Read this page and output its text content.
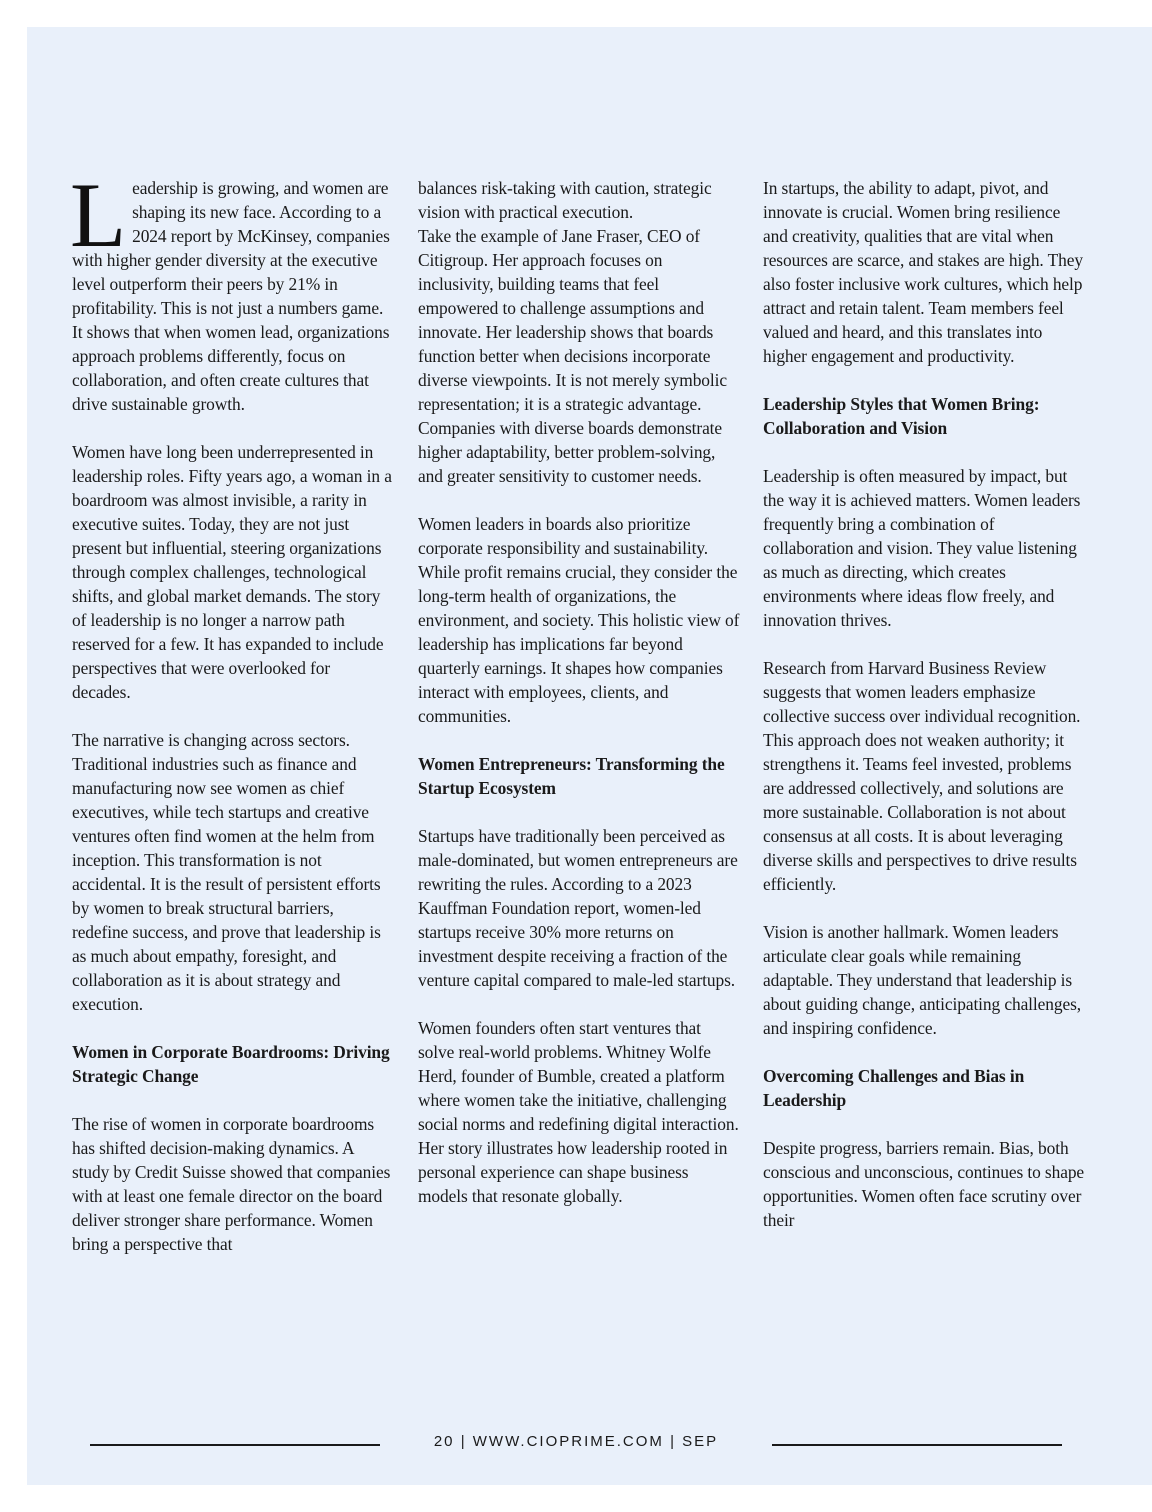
Leadership is growing, and women are shaping its new face. According to a 2024 report by McKinsey, companies with higher gender diversity at the executive level outperform their peers by 21% in profitability. This is not just a numbers game. It shows that when women lead, organizations approach problems differently, focus on collaboration, and often create cultures that drive sustainable growth.

Women have long been underrepresented in leadership roles. Fifty years ago, a woman in a boardroom was almost invisible, a rarity in executive suites. Today, they are not just present but influential, steering organizations through complex challenges, technological shifts, and global market demands. The story of leadership is no longer a narrow path reserved for a few. It has expanded to include perspectives that were overlooked for decades.

The narrative is changing across sectors. Traditional industries such as finance and manufacturing now see women as chief executives, while tech startups and creative ventures often find women at the helm from inception. This transformation is not accidental. It is the result of persistent efforts by women to break structural barriers, redefine success, and prove that leadership is as much about empathy, foresight, and collaboration as it is about strategy and execution.

Women in Corporate Boardrooms: Driving Strategic Change

The rise of women in corporate boardrooms has shifted decision-making dynamics. A study by Credit Suisse showed that companies with at least one female director on the board deliver stronger share performance. Women bring a perspective that

balances risk-taking with caution, strategic vision with practical execution.

Take the example of Jane Fraser, CEO of Citigroup. Her approach focuses on inclusivity, building teams that feel empowered to challenge assumptions and innovate. Her leadership shows that boards function better when decisions incorporate diverse viewpoints. It is not merely symbolic representation; it is a strategic advantage. Companies with diverse boards demonstrate higher adaptability, better problem-solving, and greater sensitivity to customer needs.

Women leaders in boards also prioritize corporate responsibility and sustainability. While profit remains crucial, they consider the long-term health of organizations, the environment, and society. This holistic view of leadership has implications far beyond quarterly earnings. It shapes how companies interact with employees, clients, and communities.

Women Entrepreneurs: Transforming the Startup Ecosystem

Startups have traditionally been perceived as male-dominated, but women entrepreneurs are rewriting the rules. According to a 2023 Kauffman Foundation report, women-led startups receive 30% more returns on investment despite receiving a fraction of the venture capital compared to male-led startups.

Women founders often start ventures that solve real-world problems. Whitney Wolfe Herd, founder of Bumble, created a platform where women take the initiative, challenging social norms and redefining digital interaction. Her story illustrates how leadership rooted in personal experience can shape business models that resonate globally.

In startups, the ability to adapt, pivot, and innovate is crucial. Women bring resilience and creativity, qualities that are vital when resources are scarce, and stakes are high. They also foster inclusive work cultures, which help attract and retain talent. Team members feel valued and heard, and this translates into higher engagement and productivity.

Leadership Styles that Women Bring: Collaboration and Vision

Leadership is often measured by impact, but the way it is achieved matters. Women leaders frequently bring a combination of collaboration and vision. They value listening as much as directing, which creates environments where ideas flow freely, and innovation thrives.

Research from Harvard Business Review suggests that women leaders emphasize collective success over individual recognition. This approach does not weaken authority; it strengthens it. Teams feel invested, problems are addressed collectively, and solutions are more sustainable. Collaboration is not about consensus at all costs. It is about leveraging diverse skills and perspectives to drive results efficiently.

Vision is another hallmark. Women leaders articulate clear goals while remaining adaptable. They understand that leadership is about guiding change, anticipating challenges, and inspiring confidence.

Overcoming Challenges and Bias in Leadership

Despite progress, barriers remain. Bias, both conscious and unconscious, continues to shape opportunities. Women often face scrutiny over their

20 | WWW.CIOPRIME.COM | SEP
